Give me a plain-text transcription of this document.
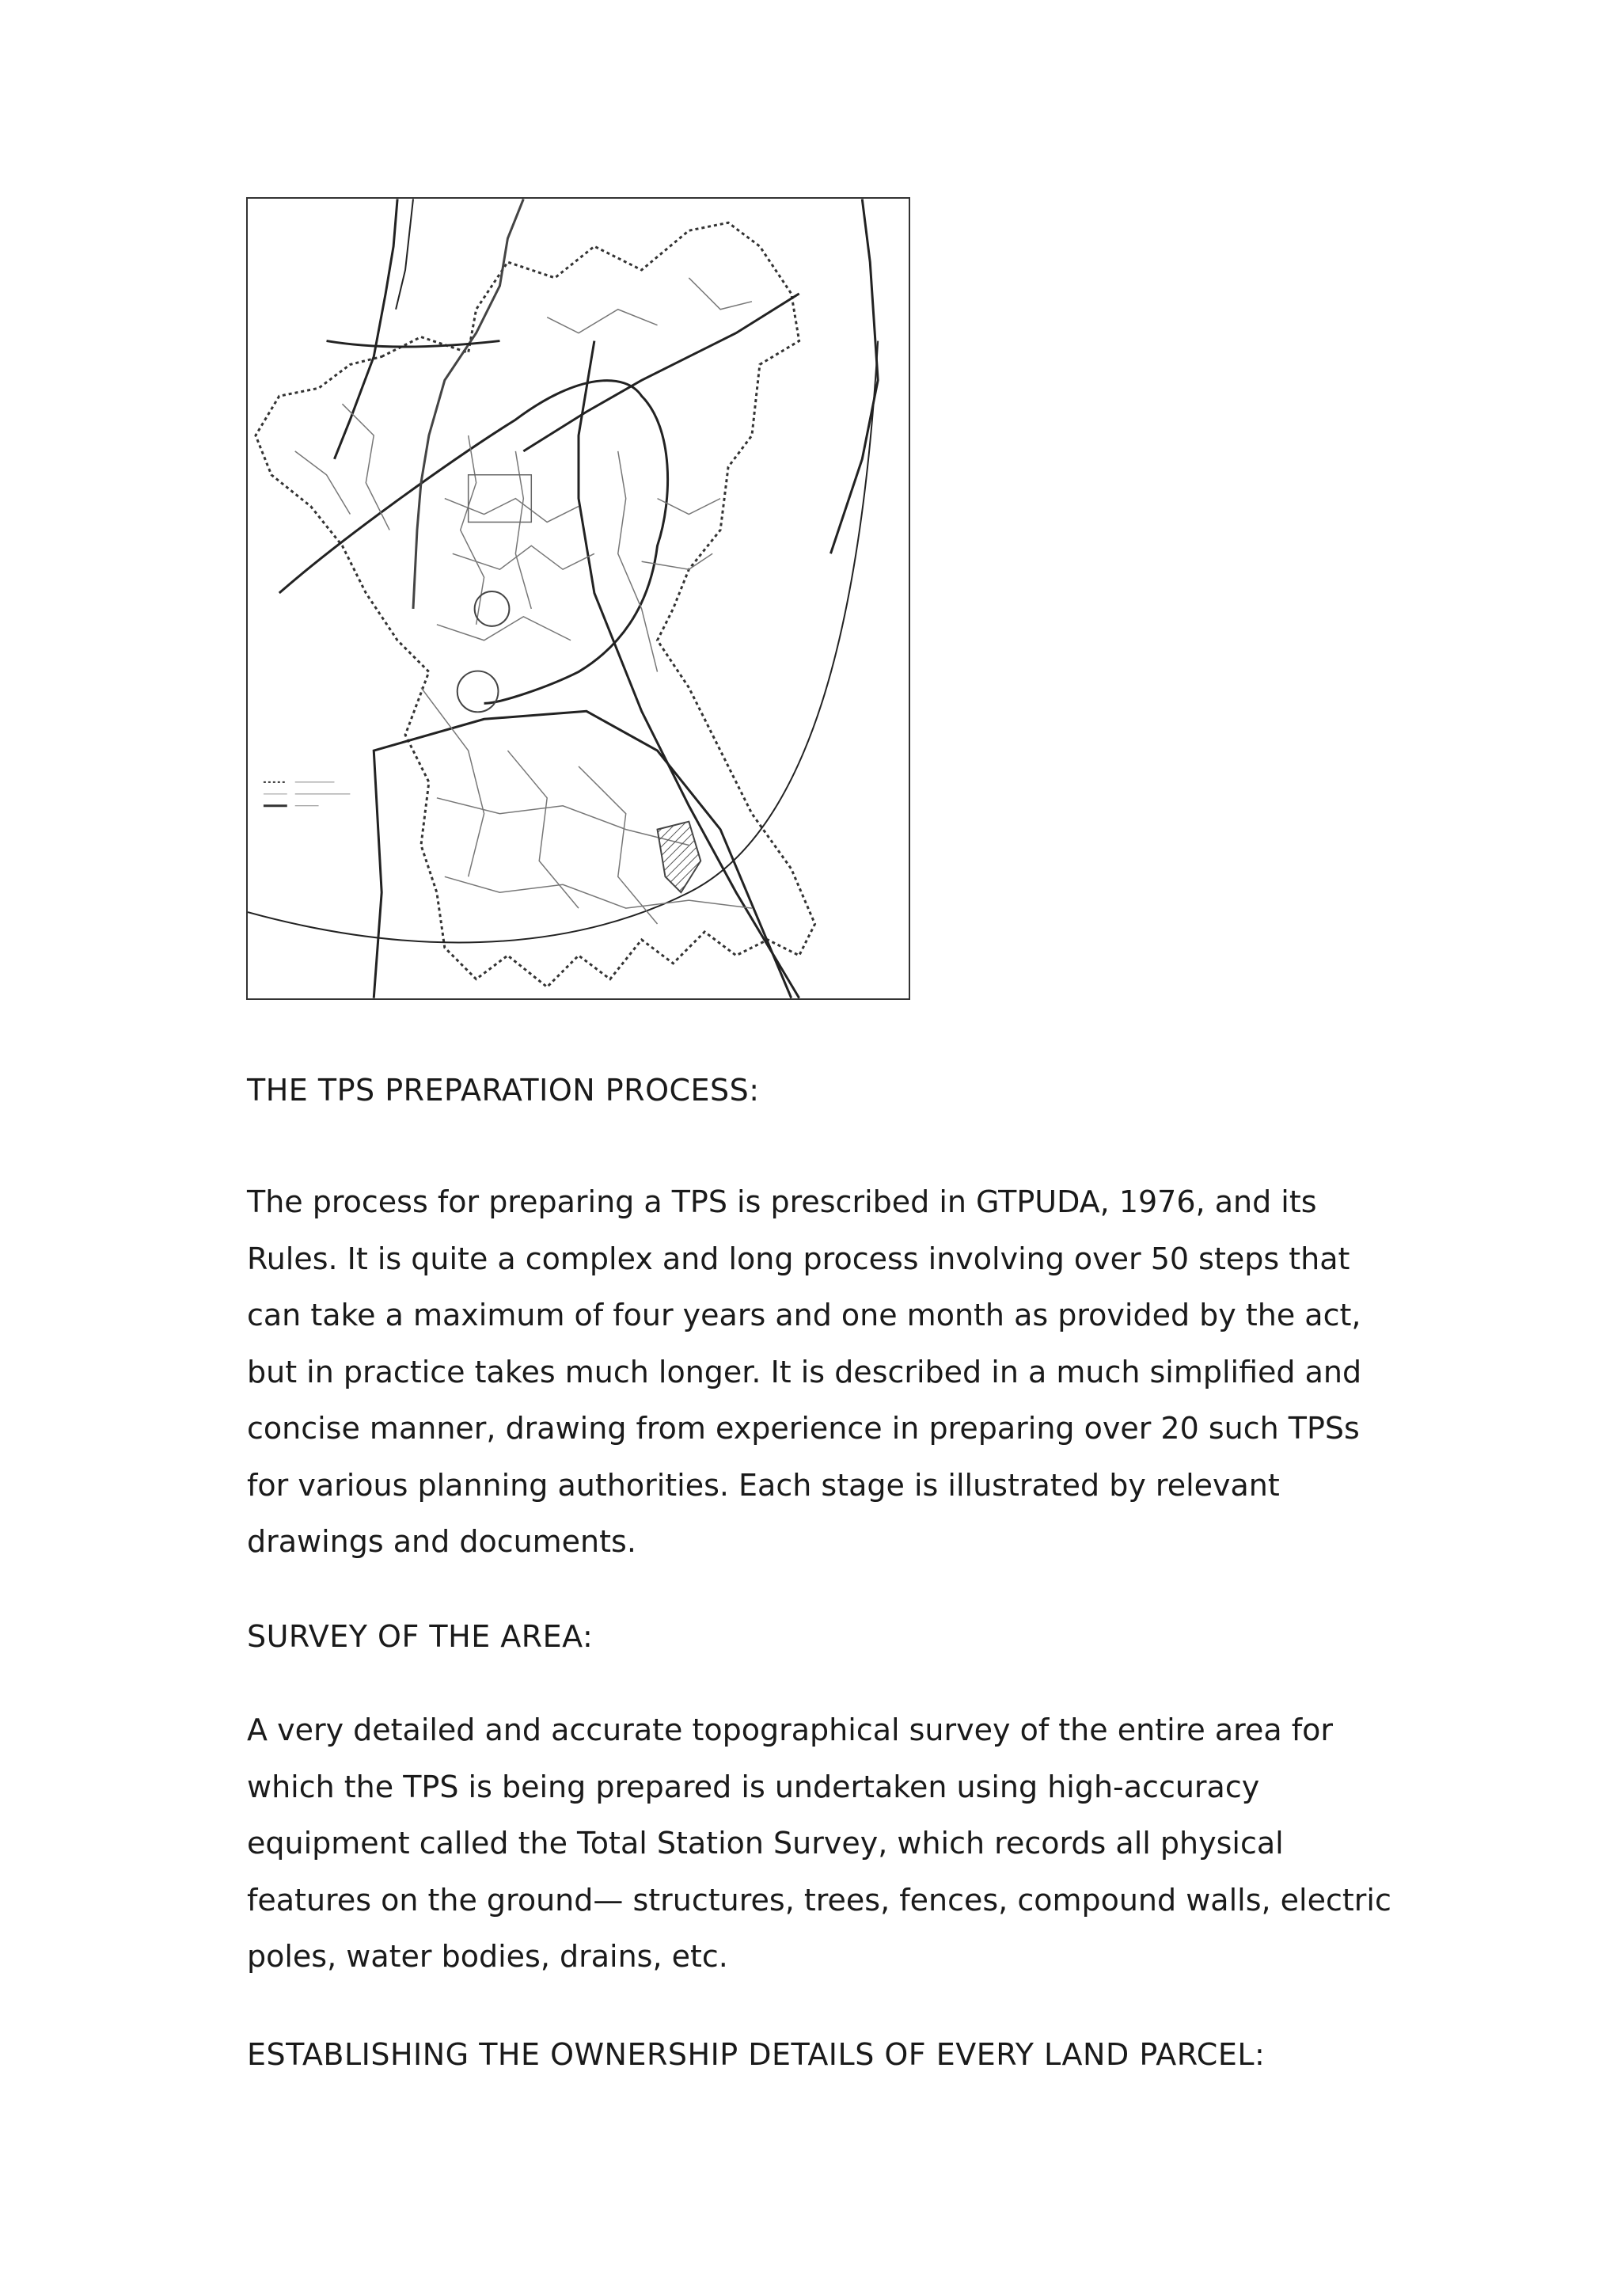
THE TPS PREPARATION PROCESS:
The process for preparing a TPS is prescribed in GTPUDA, 1976, and its
Rules. It is quite a complex and long process involving over 50 steps that
can take a maximum of four years and one month as provided by the act,
but in practice takes much longer. It is described in a much simplified and
concise manner, drawing from experience in preparing over 20 such TPSs
for various planning authorities. Each stage is illustrated by relevant
drawings and documents.
SURVEY OF THE AREA:
A very detailed and accurate topographical survey of the entire area for
which the TPS is being prepared is undertaken using high-accuracy
equipment called the Total Station Survey, which records all physical
features on the ground— structures, trees, fences, compound walls, electric
poles, water bodies, drains, etc.
ESTABLISHING THE OWNERSHIP DETAILS OF EVERY LAND PARCEL:
